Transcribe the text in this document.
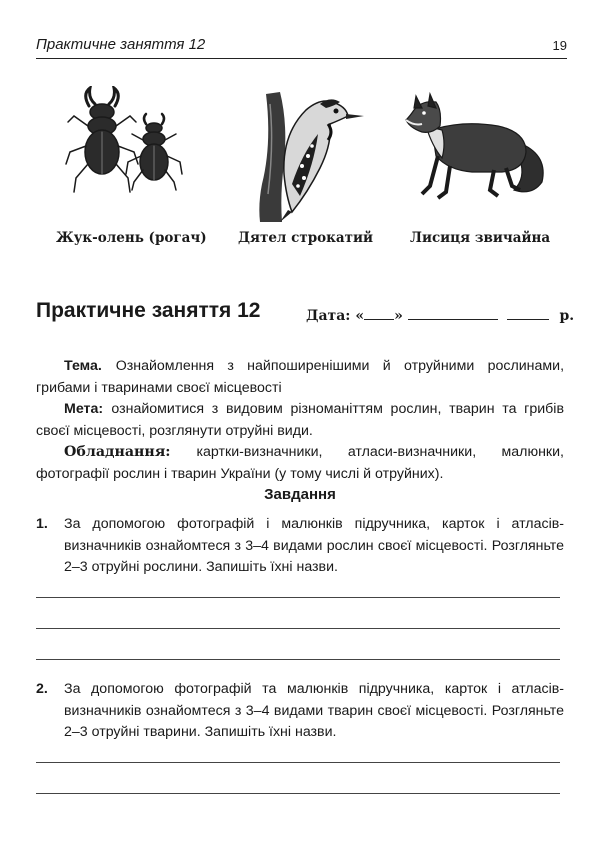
Практичне заняття 12	19
Жук-олень (рогач) Дятел строкатий	Лисиця звичайна
Практичне заняття 12	Дата: « »	р.

Тема. Ознайомлення з найпоширенішими й отруйними рослинами, грибами і тваринами своєї місцевості

Мета: ознайомитися з видовим різноманіттям рослин, тварин та грибів своєї місцевості, розглянути отруйні види.

Обладнання: картки-визначники, атласи-визначники, малюнки, фотографії рослин і тварин України (у тому числі й отруйних).

Завдання
1. За допомогою фотографій і малюнків підручника, карток і атласів-визначників ознайомтеся з 3–4 видами рослин своєї місцевості. Розгляньте 2–3 отруйні рослини. Запишіть їхні назви.
2. За допомогою фотографій та малюнків підручника, карток і атласів-визначників ознайомтеся з 3–4 видами тварин своєї місцевості. Розгляньте 2–3 отруйні тварини. Запишіть їхні назви.
